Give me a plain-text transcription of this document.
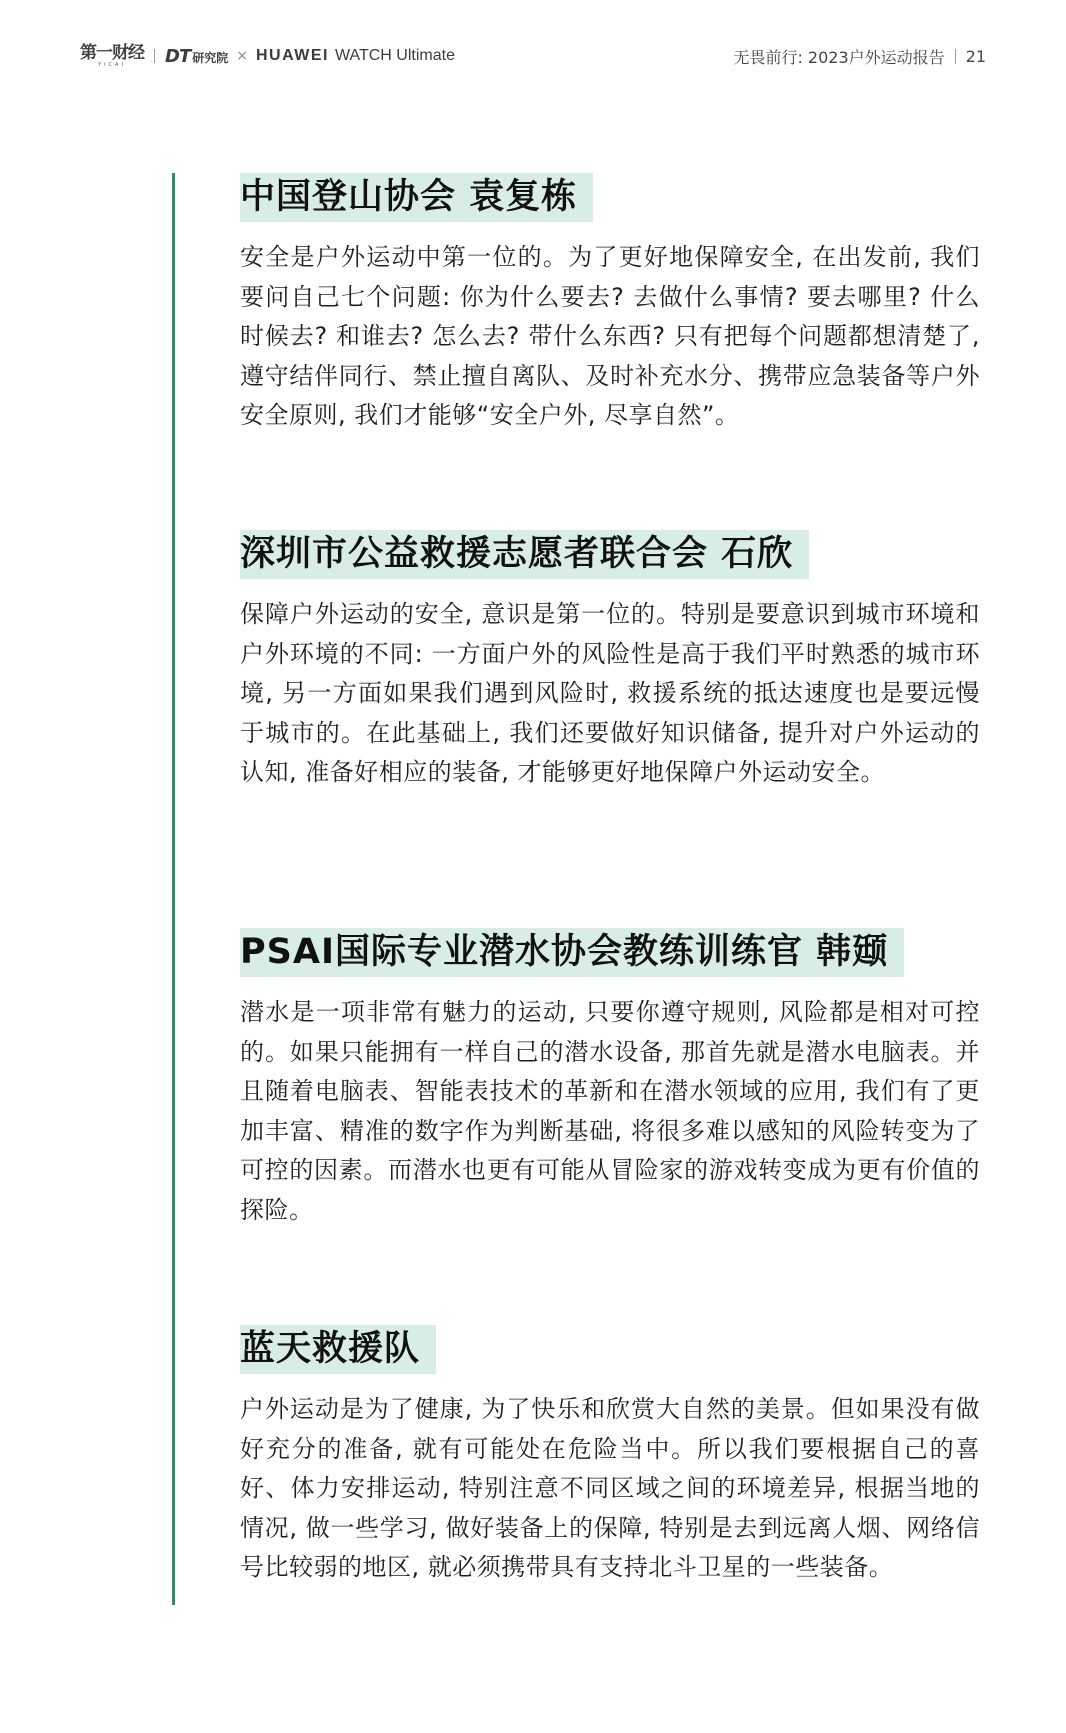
第一财经
YICAI DT 研究院 × HUAWEI WATCH Ultimate	无畏前行: 2023户外运动报告 21
中国登山协会 袁复栋

安全是户外运动中第一位的。为了更好地保障安全, 在出发前, 我们要问自己七个问题: 你为什么要去? 去做什么事情? 要去哪里? 什么时候去? 和谁去? 怎么去? 带什么东西? 只有把每个问题都想清楚了, 遵守结伴同行、禁止擅自离队、及时补充水分、携带应急装备等户外安全原则, 我们才能够“安全户外, 尽享自然”。

深圳市公益救援志愿者联合会 石欣

保障户外运动的安全, 意识是第一位的。特别是要意识到城市环境和户外环境的不同: 一方面户外的风险性是高于我们平时熟悉的城市环境, 另一方面如果我们遇到风险时, 救援系统的抵达速度也是要远慢于城市的。在此基础上, 我们还要做好知识储备, 提升对户外运动的认知, 准备好相应的装备, 才能够更好地保障户外运动安全。

PSAI国际专业潜水协会教练训练官 韩颋

潜水是一项非常有魅力的运动, 只要你遵守规则, 风险都是相对可控的。如果只能拥有一样自己的潜水设备, 那首先就是潜水电脑表。并且随着电脑表、智能表技术的革新和在潜水领域的应用, 我们有了更加丰富、精准的数字作为判断基础, 将很多难以感知的风险转变为了可控的因素。而潜水也更有可能从冒险家的游戏转变成为更有价值的探险。

蓝天救援队

户外运动是为了健康, 为了快乐和欣赏大自然的美景。但如果没有做好充分的准备, 就有可能处在危险当中。所以我们要根据自己的喜好、体力安排运动, 特别注意不同区域之间的环境差异, 根据当地的情况, 做一些学习, 做好装备上的保障, 特别是去到远离人烟、网络信号比较弱的地区, 就必须携带具有支持北斗卫星的一些装备。
